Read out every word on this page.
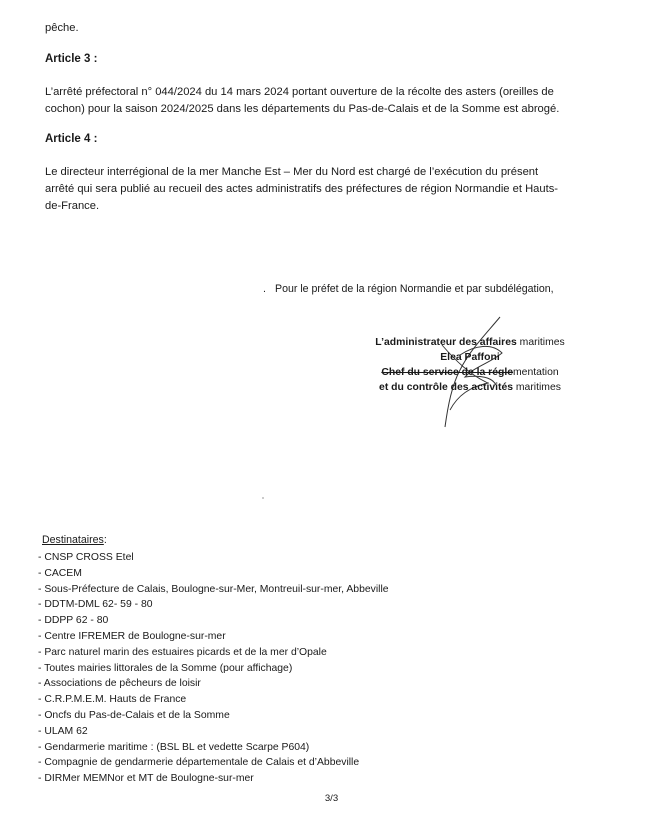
pêche.
Article 3 :
L’arrêté préfectoral n° 044/2024 du 14 mars 2024 portant ouverture de la récolte des asters (oreilles de
cochon) pour la saison 2024/2025 dans les départements du Pas-de-Calais et de la Somme est abrogé.
Article 4 :
Le directeur interrégional de la mer Manche Est – Mer du Nord est chargé de l’exécution du présent
arrêté qui sera publié au recueil des actes administratifs des préfectures de région Normandie et Hauts-
de-France.
. Pour le préfet de la région Normandie et par subdélégation,
L’administrateur des affaires maritimes
Elea Paffoni
Chef du service de la réglementation
et du contrôle des activités maritimes
Destinataires:
- CNSP CROSS Etel
- CACEM
- Sous-Préfecture de Calais, Boulogne-sur-Mer, Montreuil-sur-mer, Abbeville
- DDTM-DML 62- 59 - 80
- DDPP 62 - 80
- Centre IFREMER de Boulogne-sur-mer
- Parc naturel marin des estuaires picards et de la mer d’Opale
- Toutes mairies littorales de la Somme (pour affichage)
- Associations de pêcheurs de loisir
- C.R.P.M.E.M. Hauts de France
- Oncfs du Pas-de-Calais et de la Somme
- ULAM 62
- Gendarmerie maritime : (BSL BL et vedette Scarpe P604)
- Compagnie de gendarmerie départementale de Calais et d’Abbeville
- DIRMer MEMNor et MT de Boulogne-sur-mer
3/3
